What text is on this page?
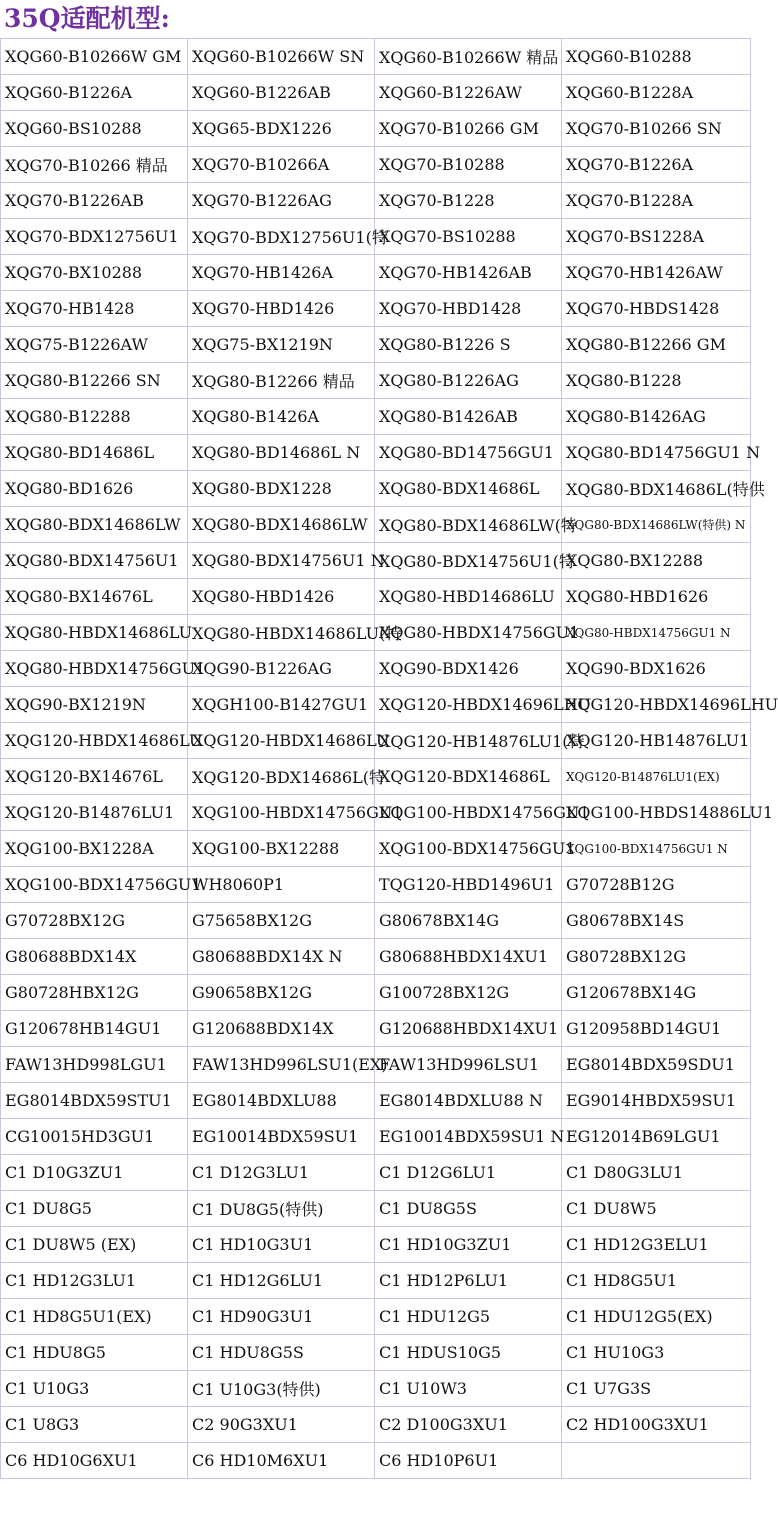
35Q适配机型:
XQG60-B10266W GM	XQG60-B10266W SN	XQG60-B10266W 精品	XQG60-B10288
XQG60-B1226A	XQG60-B1226AB	XQG60-B1226AW	XQG60-B1228A
XQG60-BS10288	XQG65-BDX1226	XQG70-B10266 GM	XQG70-B10266 SN
XQG70-B10266 精品	XQG70-B10266A	XQG70-B10288	XQG70-B1226A
XQG70-B1226AB	XQG70-B1226AG	XQG70-B1228	XQG70-B1228A
XQG70-BDX12756U1	XQG70-BDX12756U1(特	XQG70-BS10288	XQG70-BS1228A
XQG70-BX10288	XQG70-HB1426A	XQG70-HB1426AB	XQG70-HB1426AW
XQG70-HB1428	XQG70-HBD1426	XQG70-HBD1428	XQG70-HBDS1428
XQG75-B1226AW	XQG75-BX1219N	XQG80-B1226 S	XQG80-B12266 GM
XQG80-B12266 SN	XQG80-B12266 精品	XQG80-B1226AG	XQG80-B1228
XQG80-B12288	XQG80-B1426A	XQG80-B1426AB	XQG80-B1426AG
XQG80-BD14686L	XQG80-BD14686L N	XQG80-BD14756GU1	XQG80-BD14756GU1 N
XQG80-BD1626	XQG80-BDX1228	XQG80-BDX14686L	XQG80-BDX14686L(特供
XQG80-BDX14686LW	XQG80-BDX14686LW	XQG80-BDX14686LW(特	XQG80-BDX14686LW(特供) N
XQG80-BDX14756U1	XQG80-BDX14756U1 N	XQG80-BDX14756U1(特	XQG80-BX12288
XQG80-BX14676L	XQG80-HBD1426	XQG80-HBD14686LU	XQG80-HBD1626
XQG80-HBDX14686LU	XQG80-HBDX14686LU(特	XQG80-HBDX14756GU1	XQG80-HBDX14756GU1 N
XQG80-HBDX14756GU1	XQG90-B1226AG	XQG90-BDX1426	XQG90-BDX1626
XQG90-BX1219N	XQGH100-B1427GU1	XQG120-HBDX14696LHU	XQG120-HBDX14696LHU
XQG120-HBDX14686LU	XQG120-HBDX14686LU	XQG120-HB14876LU1(特	XQG120-HB14876LU1
XQG120-BX14676L	XQG120-BDX14686L(特	XQG120-BDX14686L	XQG120-B14876LU1(EX)
XQG120-B14876LU1	XQG100-HBDX14756GU1	XQG100-HBDX14756GU1	XQG100-HBDS14886LU1
XQG100-BX1228A	XQG100-BX12288	XQG100-BDX14756GU1	XQG100-BDX14756GU1 N
XQG100-BDX14756GU1	WH8060P1	TQG120-HBD1496U1	G70728B12G
G70728BX12G	G75658BX12G	G80678BX14G	G80678BX14S
G80688BDX14X	G80688BDX14X N	G80688HBDX14XU1	G80728BX12G
G80728HBX12G	G90658BX12G	G100728BX12G	G120678BX14G
G120678HB14GU1	G120688BDX14X	G120688HBDX14XU1	G120958BD14GU1
FAW13HD998LGU1	FAW13HD996LSU1(EX)	FAW13HD996LSU1	EG8014BDX59SDU1
EG8014BDX59STU1	EG8014BDXLU88	EG8014BDXLU88 N	EG9014HBDX59SU1
CG10015HD3GU1	EG10014BDX59SU1	EG10014BDX59SU1 N	EG12014B69LGU1
C1 D10G3ZU1	C1 D12G3LU1	C1 D12G6LU1	C1 D80G3LU1
C1 DU8G5	C1 DU8G5(特供)	C1 DU8G5S	C1 DU8W5
C1 DU8W5 (EX)	C1 HD10G3U1	C1 HD10G3ZU1	C1 HD12G3ELU1
C1 HD12G3LU1	C1 HD12G6LU1	C1 HD12P6LU1	C1 HD8G5U1
C1 HD8G5U1(EX)	C1 HD90G3U1	C1 HDU12G5	C1 HDU12G5(EX)
C1 HDU8G5	C1 HDU8G5S	C1 HDUS10G5	C1 HU10G3
C1 U10G3	C1 U10G3(特供)	C1 U10W3	C1 U7G3S
C1 U8G3	C2 90G3XU1	C2 D100G3XU1	C2 HD100G3XU1
C6 HD10G6XU1	C6 HD10M6XU1	C6 HD10P6U1	
